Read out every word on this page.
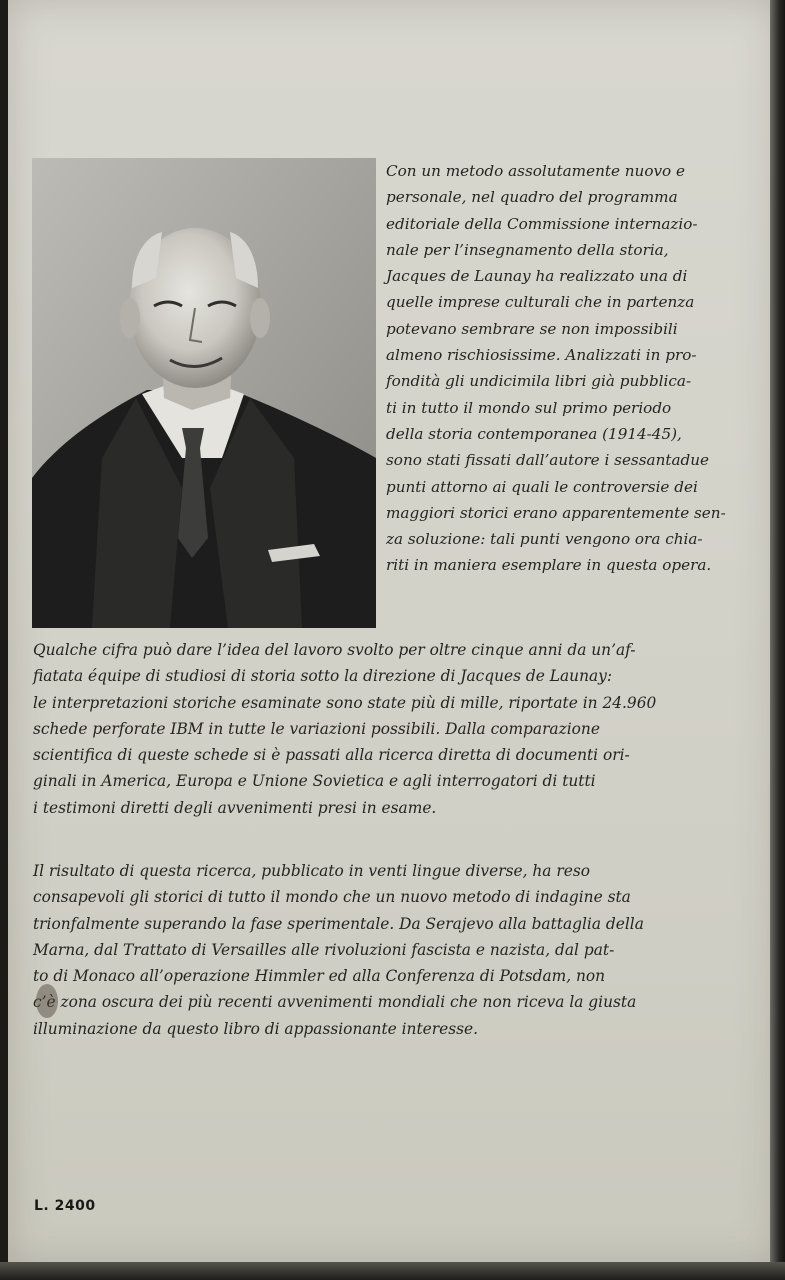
Con un metodo assolutamente nuovo e
personale, nel quadro del programma
editoriale della Commissione internazio-
nale per l’insegnamento della storia,
Jacques de Launay ha realizzato una di
quelle imprese culturali che in partenza
potevano sembrare se non impossibili
almeno rischiosissime. Analizzati in pro-
fondità gli undicimila libri già pubblica-
ti in tutto il mondo sul primo periodo
della storia contemporanea (1914-45),
sono stati fissati dall’autore i sessantadue
punti attorno ai quali le controversie dei
maggiori storici erano apparentemente sen-
za soluzione: tali punti vengono ora chia-
riti in maniera esemplare in questa opera.
Qualche cifra può dare l’idea del lavoro svolto per oltre cinque anni da un’af-
fiatata équipe di studiosi di storia sotto la direzione di Jacques de Launay:
le interpretazioni storiche esaminate sono state più di mille, riportate in 24.960
schede perforate IBM in tutte le variazioni possibili. Dalla comparazione
scientifica di queste schede si è passati alla ricerca diretta di documenti ori-
ginali in America, Europa e Unione Sovietica e agli interrogatori di tutti
i testimoni diretti degli avvenimenti presi in esame.
Il risultato di questa ricerca, pubblicato in venti lingue diverse, ha reso
consapevoli gli storici di tutto il mondo che un nuovo metodo di indagine sta
trionfalmente superando la fase sperimentale. Da Serajevo alla battaglia della
Marna, dal Trattato di Versailles alle rivoluzioni fascista e nazista, dal pat-
to di Monaco all’operazione Himmler ed alla Conferenza di Potsdam, non
c’è zona oscura dei più recenti avvenimenti mondiali che non riceva la giusta
illuminazione da questo libro di appassionante interesse.
L. 2400
